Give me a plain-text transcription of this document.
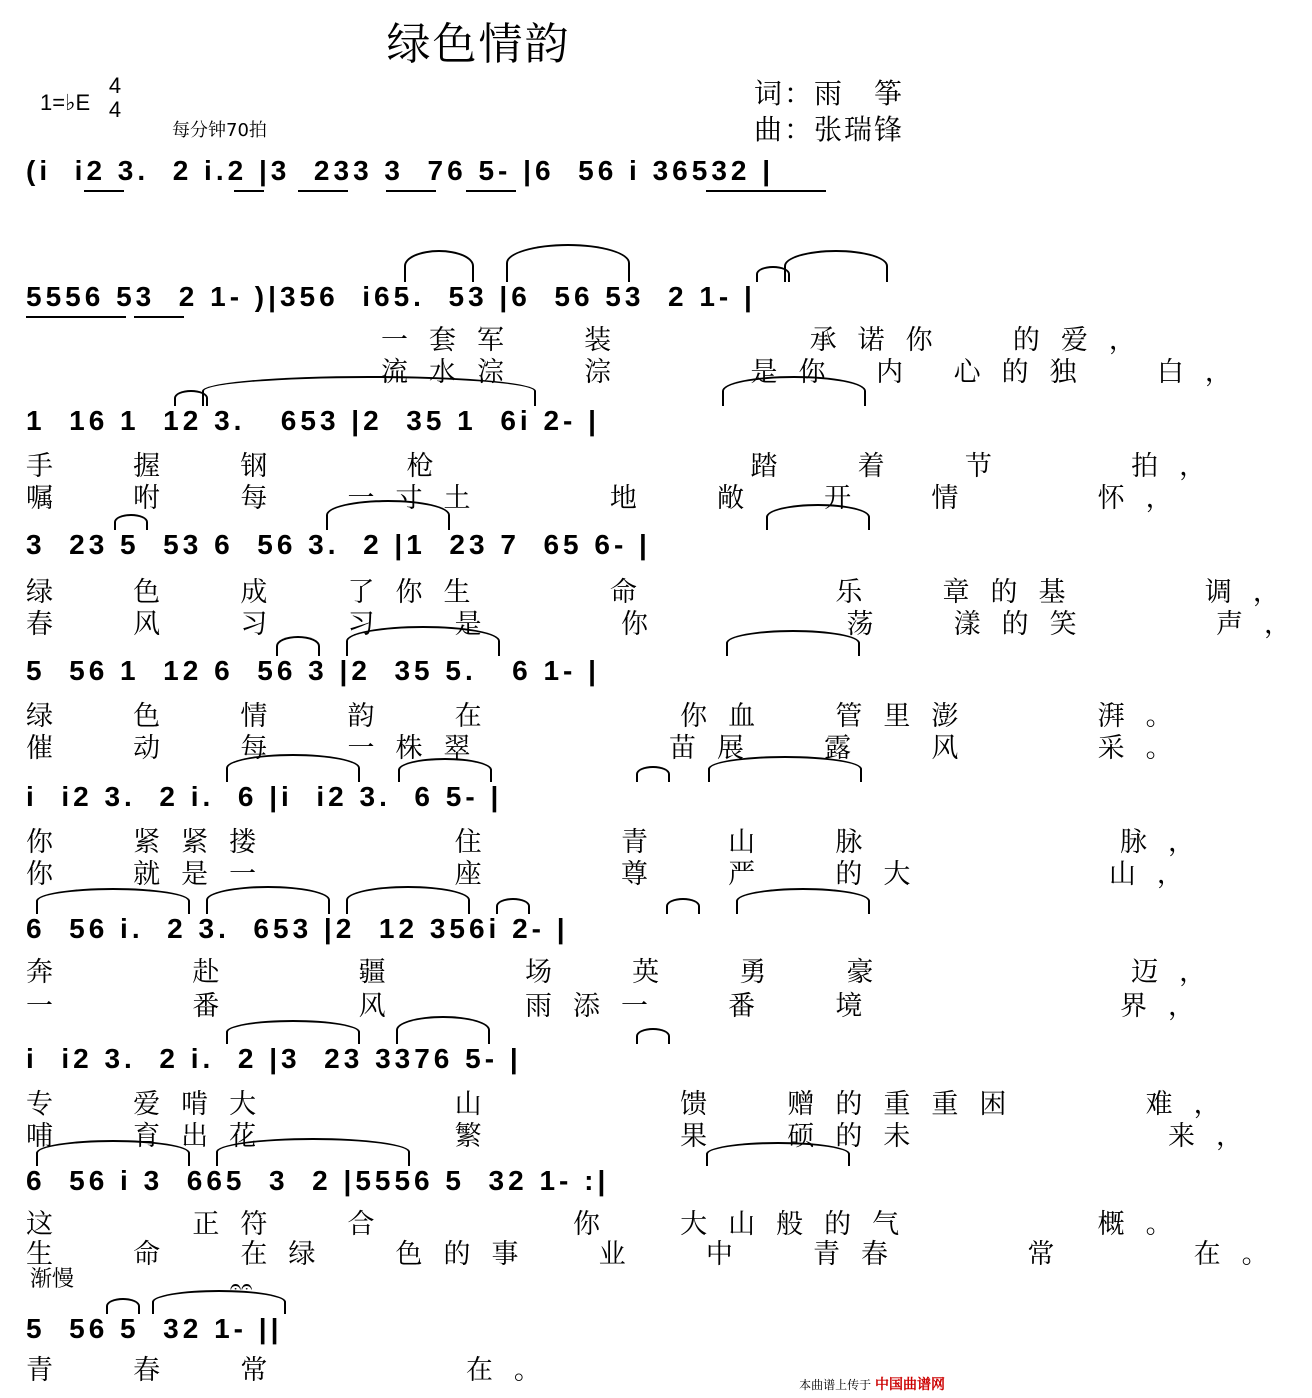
绿色情韵
1=♭E
4
4
每分钟70拍
词：雨　筝
曲：张瑞锋
(i  i2 3.  2 i.2 |3  233 3  76 5- |6  56 i 36532 |
5556 53  2 1- )|356  i65.  53 |6  56 53  2 1- |
一套军  装      承诺你  的爱，
流水淙  淙    是你 内 心的独  白，
1  16 1  12 3.   653 |2  35 1  6i 2- |
手  握  钢    枪          踏  着  节    拍，
嘱  咐  每  一寸土    地  敞  开  情    怀，
3  23 5  53 6  56 3.  2 |1  23 7  65 6- |
绿  色  成  了你生    命      乐  章的基    调，
春  风  习  习  是    你      荡  漾的笑    声，
5  56 1  12 6  56 3 |2  35 5.   6 1- |
绿  色  情  韵  在      你血  管里澎    湃。
催  动  每  一株翠      苗展  露  风    采。
i  i2 3.  2 i.  6 |i  i2 3.  6 5- |
你  紧紧搂      住    青  山  脉        脉，
你  就是一      座    尊  严  的大      山，
6  56 i.  2 3.  653 |2  12 356i 2- |
奔    赴    疆    场  英  勇  豪        迈，
一    番    风    雨添一  番  境        界，
i  i2 3.  2 i.  2 |3  23 3376 5- |
专  爱啃大      山      馈  赠的重重困    难，
哺  育出花      繁      果  硕的未        来，
6  56 i 3  665  3  2 |5556 5  32 1- :|
这    正符  合      你  大山般的气      概。
生  命  在绿  色的事  业  中  青春    常    在。
渐慢
5  56 5  32 1- ||
𝄐𝄐
青  春  常      在。	本曲谱上传于 中国曲谱网
